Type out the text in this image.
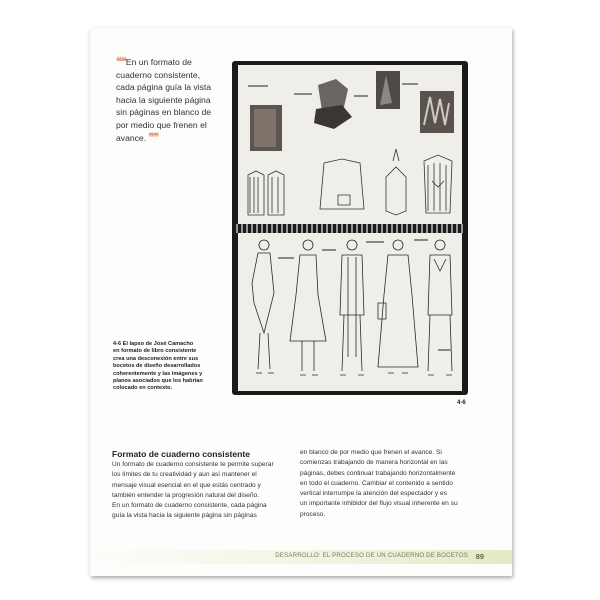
❝❝En un formato de
cuaderno consistente,
cada página guía la vista
hacia la siguiente página
sin páginas en blanco de
por medio que frenen el
avance. ❞❞
4-6 El lapso de José Camacho
en formato de libro consistente
crea una desconexión entre sus
bocetos de diseño desarrollados
coherentemente y las imágenes y
planos asociados que los habrían
colocado en contexto.
4-6
Formato de cuaderno consistente
Un formato de cuaderno consistente te permite superar
los límites de tu creatividad y aun así mantener el
mensaje visual esencial en el que estás centrado y
también entender la progresión natural del diseño.
En un formato de cuaderno consistente, cada página
guía la vista hacia la siguiente página sin páginas
en blanco de por medio que frenen el avance. Si
comienzas trabajando de manera horizontal en las
páginas, debes continuar trabajando horizontalmente
en todo el cuaderno. Cambiar el contenido a sentido
vertical interrumpe la atención del espectador y es
un importante inhibidor del flujo visual inherente en su
proceso.
DESARROLLO: EL PROCESO DE UN CUADERNO DE BOCETOS 89
